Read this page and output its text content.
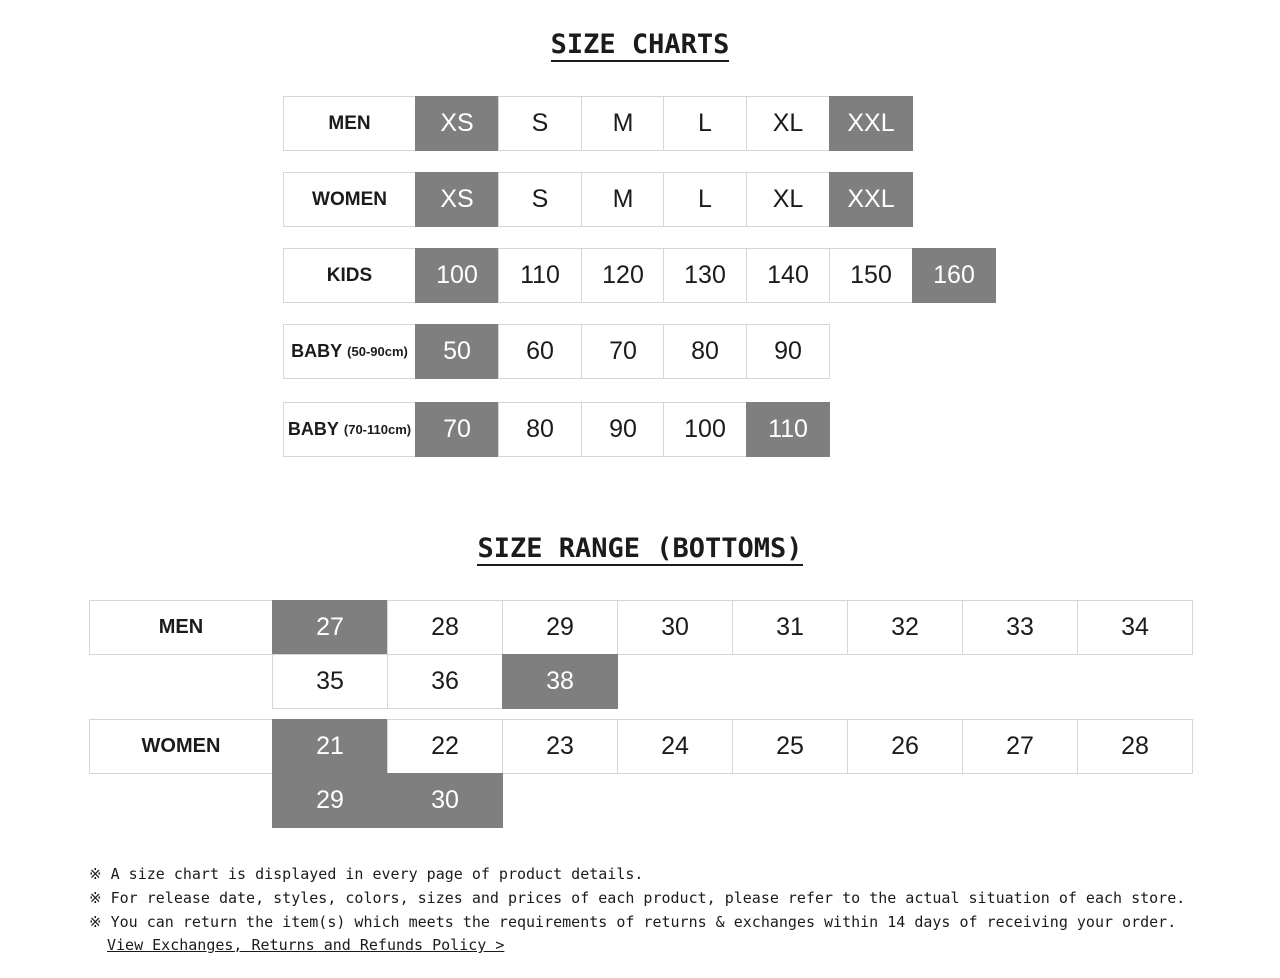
SIZE CHARTS
MEN	XS	S	M	L	XL	XXL
WOMEN	XS	S	M	L	XL	XXL
KIDS	100	110	120	130	140	150	160
BABY (50-90cm)	50	60	70	80	90
BABY (70-110cm)	70	80	90	100	110
SIZE RANGE (BOTTOMS)
MEN	27	28	29	30	31	32	33	34
35	36	38
WOMEN	21	22	23	24	25	26	27	28
29	30
※ A size chart is displayed in every page of product details.
※ For release date, styles, colors, sizes and prices of each product, please refer to the actual situation of each store.
※ You can return the item(s) which meets the requirements of returns & exchanges within 14 days of receiving your order.
View Exchanges, Returns and Refunds Policy >
